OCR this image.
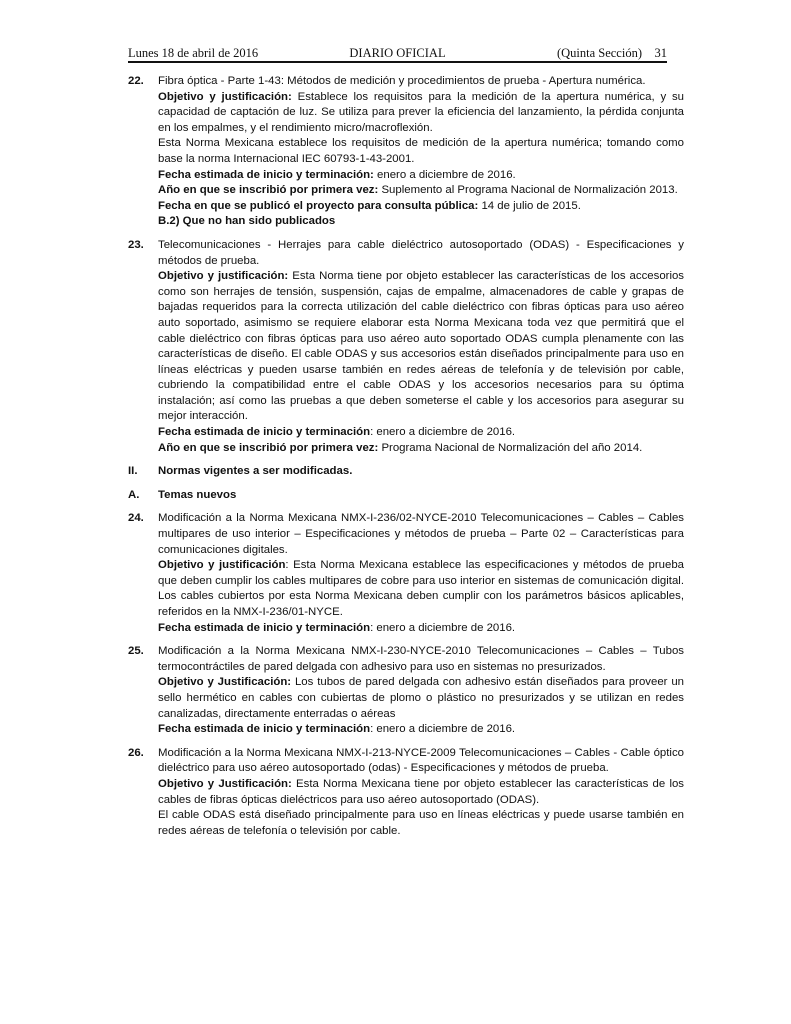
Lunes 18 de abril de 2016	DIARIO OFICIAL	(Quinta Sección) 31
22. Fibra óptica - Parte 1-43: Métodos de medición y procedimientos de prueba - Apertura numérica.

Objetivo y justificación: Establece los requisitos para la medición de la apertura numérica, y su capacidad de captación de luz. Se utiliza para prever la eficiencia del lanzamiento, la pérdida conjunta en los empalmes, y el rendimiento micro/macroflexión.

Esta Norma Mexicana establece los requisitos de medición de la apertura numérica; tomando como base la norma Internacional IEC 60793-1-43-2001.

Fecha estimada de inicio y terminación: enero a diciembre de 2016.

Año en que se inscribió por primera vez: Suplemento al Programa Nacional de Normalización 2013.

Fecha en que se publicó el proyecto para consulta pública: 14 de julio de 2015.

B.2) Que no han sido publicados

23. Telecomunicaciones - Herrajes para cable dieléctrico autosoportado (ODAS) - Especificaciones y métodos de prueba.

Objetivo y justificación: Esta Norma tiene por objeto establecer las características de los accesorios como son herrajes de tensión, suspensión, cajas de empalme, almacenadores de cable y grapas de bajadas requeridos para la correcta utilización del cable dieléctrico con fibras ópticas para uso aéreo auto soportado, asimismo se requiere elaborar esta Norma Mexicana toda vez que permitirá que el cable dieléctrico con fibras ópticas para uso aéreo auto soportado ODAS cumpla plenamente con las características de diseño. El cable ODAS y sus accesorios están diseñados principalmente para uso en líneas eléctricas y pueden usarse también en redes aéreas de telefonía y de televisión por cable, cubriendo la compatibilidad entre el cable ODAS y los accesorios necesarios para su óptima instalación; así como las pruebas a que deben someterse el cable y los accesorios para asegurar su mejor interacción.

Fecha estimada de inicio y terminación: enero a diciembre de 2016.

Año en que se inscribió por primera vez: Programa Nacional de Normalización del año 2014.

II. Normas vigentes a ser modificadas.

A. Temas nuevos

24. Modificación a la Norma Mexicana NMX-I-236/02-NYCE-2010 Telecomunicaciones – Cables – Cables multipares de uso interior – Especificaciones y métodos de prueba – Parte 02 – Características para comunicaciones digitales.

Objetivo y justificación: Esta Norma Mexicana establece las especificaciones y métodos de prueba que deben cumplir los cables multipares de cobre para uso interior en sistemas de comunicación digital. Los cables cubiertos por esta Norma Mexicana deben cumplir con los parámetros básicos aplicables, referidos en la NMX-I-236/01-NYCE.

Fecha estimada de inicio y terminación: enero a diciembre de 2016.

25. Modificación a la Norma Mexicana NMX-I-230-NYCE-2010 Telecomunicaciones – Cables – Tubos termocontráctiles de pared delgada con adhesivo para uso en sistemas no presurizados.

Objetivo y Justificación: Los tubos de pared delgada con adhesivo están diseñados para proveer un sello hermético en cables con cubiertas de plomo o plástico no presurizados y se utilizan en redes canalizadas, directamente enterradas o aéreas

Fecha estimada de inicio y terminación: enero a diciembre de 2016.

26. Modificación a la Norma Mexicana NMX-I-213-NYCE-2009 Telecomunicaciones – Cables - Cable óptico dieléctrico para uso aéreo autosoportado (odas) - Especificaciones y métodos de prueba.

Objetivo y Justificación: Esta Norma Mexicana tiene por objeto establecer las características de los cables de fibras ópticas dieléctricos para uso aéreo autosoportado (ODAS).

El cable ODAS está diseñado principalmente para uso en líneas eléctricas y puede usarse también en redes aéreas de telefonía o televisión por cable.
